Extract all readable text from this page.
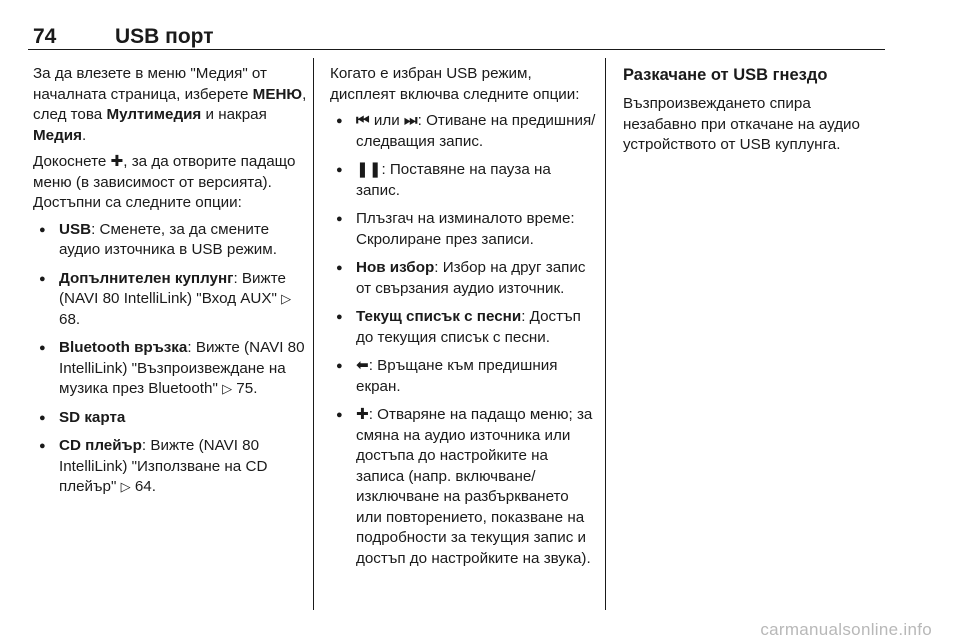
74	USB порт

За да влезете в меню "Медия" от началната страница, изберете МЕНЮ, след това Мултимедия и накрая Медия.

Докоснете ✚, за да отворите падащо меню (в зависимост от версията). Достъпни са следните опции:

● USB: Сменете, за да смените аудио източника в USB режим.
● Допълнителен куплунг: Вижте (NAVI 80 IntelliLink) "Вход AUX" ▷ 68.
● Bluetooth връзка: Вижте (NAVI 80 IntelliLink) "Възпроизвеждане на музика през Bluetooth" ▷ 75.
● SD карта
● CD плейър: Вижте (NAVI 80 IntelliLink) "Използване на CD плейър" ▷ 64.

Когато е избран USB режим, дисплеят включва следните опции:

● ⏮ или ⏭: Отиване на предишния/следващия запис.
● ❚❚: Поставяне на пауза на запис.
● Плъзгач на изминалото време: Скролиране през записи.
● Нов избор: Избор на друг запис от свързания аудио източник.
● Текущ списък с песни: Достъп до текущия списък с песни.
● ⬅: Връщане към предишния екран.
● ✚: Отваряне на падащо меню; за смяна на аудио източника или достъпа до настройките на записа (напр. включване/изключване на разбъркването или повторението, показване на подробности за текущия запис и достъп до настройките на звука).
Разкачане от USB гнездо

Възпроизвеждането спира незабавно при откачане на аудио устройството от USB куплунга.

carmanualsonline.info
